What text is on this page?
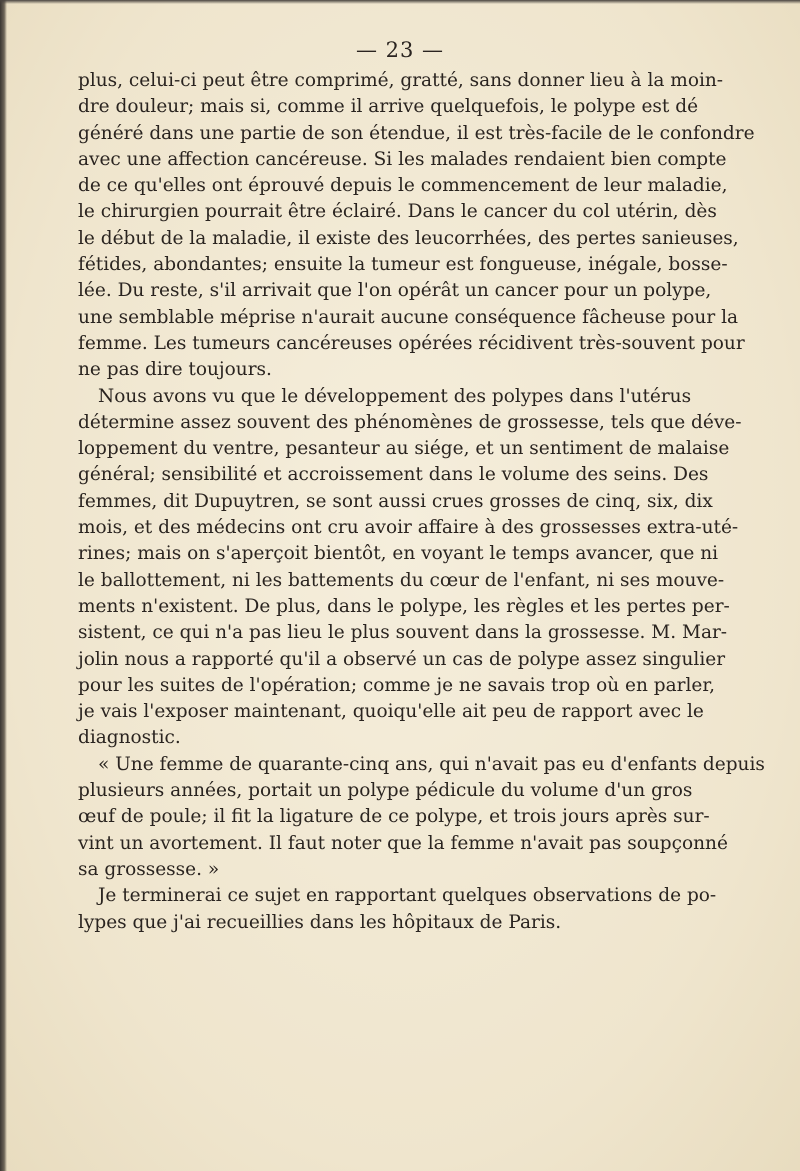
— 23 —
plus, celui-ci peut être comprimé, gratté, sans donner lieu à la moin-
dre douleur; mais si, comme il arrive quelquefois, le polype est dé
généré dans une partie de son étendue, il est très-facile de le confondre
avec une affection cancéreuse. Si les malades rendaient bien compte
de ce qu'elles ont éprouvé depuis le commencement de leur maladie,
le chirurgien pourrait être éclairé. Dans le cancer du col utérin, dès
le début de la maladie, il existe des leucorrhées, des pertes sanieuses,
fétides, abondantes; ensuite la tumeur est fongueuse, inégale, bosse-
lée. Du reste, s'il arrivait que l'on opérât un cancer pour un polype,
une semblable méprise n'aurait aucune conséquence fâcheuse pour la
femme. Les tumeurs cancéreuses opérées récidivent très-souvent pour
ne pas dire toujours.
Nous avons vu que le développement des polypes dans l'utérus
détermine assez souvent des phénomènes de grossesse, tels que déve-
loppement du ventre, pesanteur au siége, et un sentiment de malaise
général; sensibilité et accroissement dans le volume des seins. Des
femmes, dit Dupuytren, se sont aussi crues grosses de cinq, six, dix
mois, et des médecins ont cru avoir affaire à des grossesses extra-uté-
rines; mais on s'aperçoit bientôt, en voyant le temps avancer, que ni
le ballottement, ni les battements du cœur de l'enfant, ni ses mouve-
ments n'existent. De plus, dans le polype, les règles et les pertes per-
sistent, ce qui n'a pas lieu le plus souvent dans la grossesse. M. Mar-
jolin nous a rapporté qu'il a observé un cas de polype assez singulier
pour les suites de l'opération; comme je ne savais trop où en parler,
je vais l'exposer maintenant, quoiqu'elle ait peu de rapport avec le
diagnostic.
« Une femme de quarante-cinq ans, qui n'avait pas eu d'enfants depuis
plusieurs années, portait un polype pédicule du volume d'un gros
œuf de poule; il fit la ligature de ce polype, et trois jours après sur-
vint un avortement. Il faut noter que la femme n'avait pas soupçonné
sa grossesse. »
Je terminerai ce sujet en rapportant quelques observations de po-
lypes que j'ai recueillies dans les hôpitaux de Paris.
